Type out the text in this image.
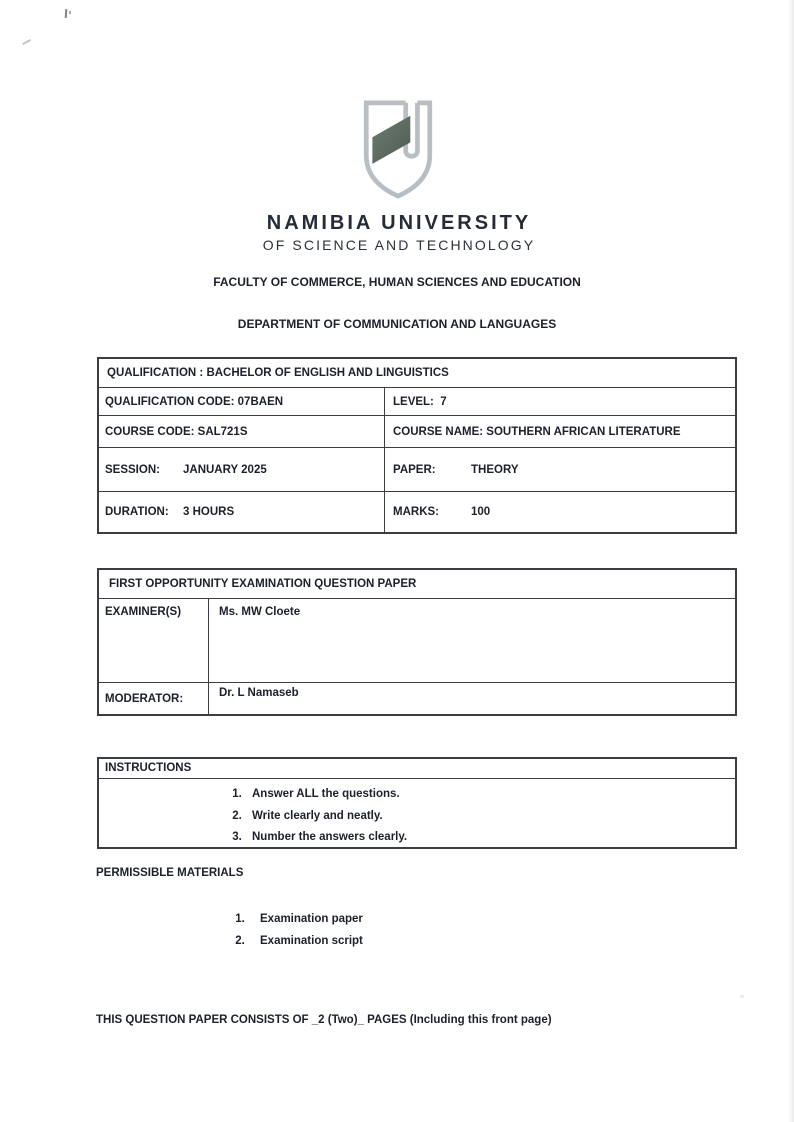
NAMIBIA UNIVERSITY
OF SCIENCE AND TECHNOLOGY
FACULTY OF COMMERCE, HUMAN SCIENCES AND EDUCATION
DEPARTMENT OF COMMUNICATION AND LANGUAGES
QUALIFICATION : BACHELOR OF ENGLISH AND LINGUISTICS
QUALIFICATION CODE: 07BAEN	LEVEL:  7
COURSE CODE: SAL721S	COURSE NAME: SOUTHERN AFRICAN LITERATURE
SESSION:	JANUARY 2025	PAPER:	THEORY
DURATION:	3 HOURS	MARKS:	100
FIRST OPPORTUNITY EXAMINATION QUESTION PAPER
EXAMINER(S)	Ms. MW Cloete
MODERATOR:	Dr. L Namaseb
INSTRUCTIONS
1. Answer ALL the questions.
2. Write clearly and neatly.
3. Number the answers clearly.
PERMISSIBLE MATERIALS
1. Examination paper
2. Examination script
THIS QUESTION PAPER CONSISTS OF _2 (Two)_ PAGES (Including this front page)
